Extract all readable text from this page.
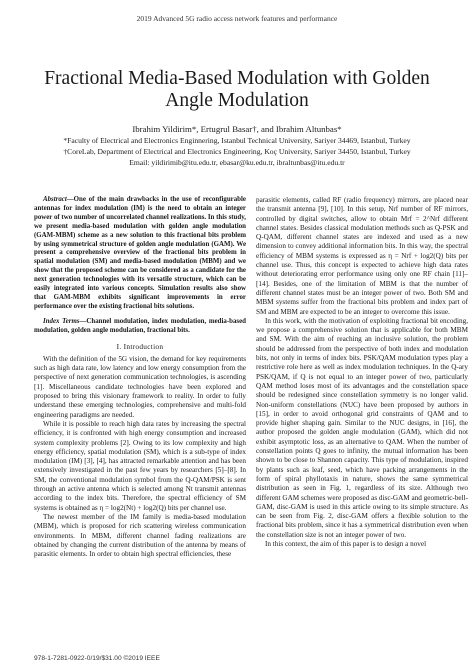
2019 Advanced 5G radio access network features and performance
Fractional Media-Based Modulation with Golden Angle Modulation
Ibrahim Yildirim*, Ertugrul Basar†, and Ibrahim Altunbas*
*Faculty of Electrical and Electronics Enginnering, Istanbul Technical University, Sariyer 34469, Istanbul, Turkey
†CoreLab, Department of Electrical and Electronics Engineering, Koç University, Sariyer 34450, Istanbul, Turkey
Email: yildirimib@itu.edu.tr, ebasar@ku.edu.tr, ibraltunbas@itu.edu.tr

Abstract—One of the main drawbacks in the use of reconfigurable antennas for index modulation (IM) is the need to obtain an integer power of two number of uncorrelated channel realizations. In this study, we present media-based modulation with golden angle modulation (GAM-MBM) scheme as a new solution to this fractional bits problem by using symmetrical structure of golden angle modulation (GAM). We present a comprehensive overview of the fractional bits problem in spatial modulation (SM) and media-based modulation (MBM) and we show that the proposed scheme can be considered as a candidate for the next generation technologies with its versatile structure, which can be easily integrated into various concepts. Simulation results also show that GAM-MBM exhibits significant improvements in error performance over the existing fractional bits solutions.

Index Terms—Channel modulation, index modulation, media-based modulation, golden angle modulation, fractional bits.

I. Introduction

With the definition of the 5G vision, the demand for key requirements such as high data rate, low latency and low energy consumption from the perspective of next generation communication technologies, is ascending [1]. Miscellaneous candidate technologies have been explored and proposed to bring this visionary framework to reality. In order to fully understand these emerging technologies, comprehensive and multi-fold engineering paradigms are needed.

While it is possible to reach high data rates by increasing the spectral efficiency, it is confronted with high energy consumption and increased system complexity problems [2]. Owing to its low complexity and high energy efficiency, spatial modulation (SM), which is a sub-type of index modulation (IM) [3], [4], has attracted remarkable attention and has been extensively investigated in the past few years by researchers [5]–[8]. In SM, the conventional modulation symbol from the Q-QAM/PSK is sent through an active antenna which is selected among Nt transmit antennas according to the index bits. Therefore, the spectral efficiency of SM systems is obtained as η = log2(Nt) + log2(Q) bits per channel use.

The newest member of the IM family is media-based modulation (MBM), which is proposed for rich scattering wireless communication environments. In MBM, different channel fading realizations are obtained by changing the current distribution of the antenna by means of parasitic elements. In order to obtain high spectral efficiencies, these

parasitic elements, called RF (radio frequency) mirrors, are placed near the transmit antenna [9], [10]. In this setup, Nrf number of RF mirrors, controlled by digital switches, allow to obtain Mrf = 2^Nrf different channel states. Besides classical modulation methods such as Q-PSK and Q-QAM, different channel states are indexed and used as a new dimension to convey additional information bits. In this way, the spectral efficiency of MBM systems is expressed as η = Nrf + log2(Q) bits per channel use. Thus, this concept is expected to achieve high data rates without deteriorating error performance using only one RF chain [11]–[14]. Besides, one of the limitation of MBM is that the number of different channel states must be an integer power of two. Both SM and MBM systems suffer from the fractional bits problem and index part of SM and MBM are expected to be an integer to overcome this issue.

In this work, with the motivation of exploiting fractional bit encoding, we propose a comprehensive solution that is applicable for both MBM and SM. With the aim of reaching an inclusive solution, the problem should be addressed from the perspective of both index and modulation bits, not only in terms of index bits. PSK/QAM modulation types play a restrictive role here as well as index modulation techniques. In the Q-ary PSK/QAM, if Q is not equal to an integer power of two, particularly QAM method loses most of its advantages and the constellation space should be redesigned since constellation symmetry is no longer valid. Non-uniform constellations (NUC) have been proposed by authors in [15], in order to avoid orthogonal grid constraints of QAM and to provide higher shaping gain. Similar to the NUC designs, in [16], the author proposed the golden angle modulation (GAM), which did not exhibit asymptotic loss, as an alternative to QAM. When the number of constellation points Q goes to infinity, the mutual information has been shown to be close to Shannon capacity. This type of modulation, inspired by plants such as leaf, seed, which have packing arrangements in the form of spiral phyllotaxis in nature, shows the same symmetrical distribution as seen in Fig. 1, regardless of its size. Although two different GAM schemes were proposed as disc-GAM and geometric-bell-GAM, disc-GAM is used in this article owing to its simple structure. As can be seen from Fig. 2, disc-GAM offers a flexible solution to the fractional bits problem, since it has a symmetrical distribution even when the constellation size is not an integer power of two.

In this context, the aim of this paper is to design a novel

978-1-7281-0922-0/19/$31.00 ©2019 IEEE
